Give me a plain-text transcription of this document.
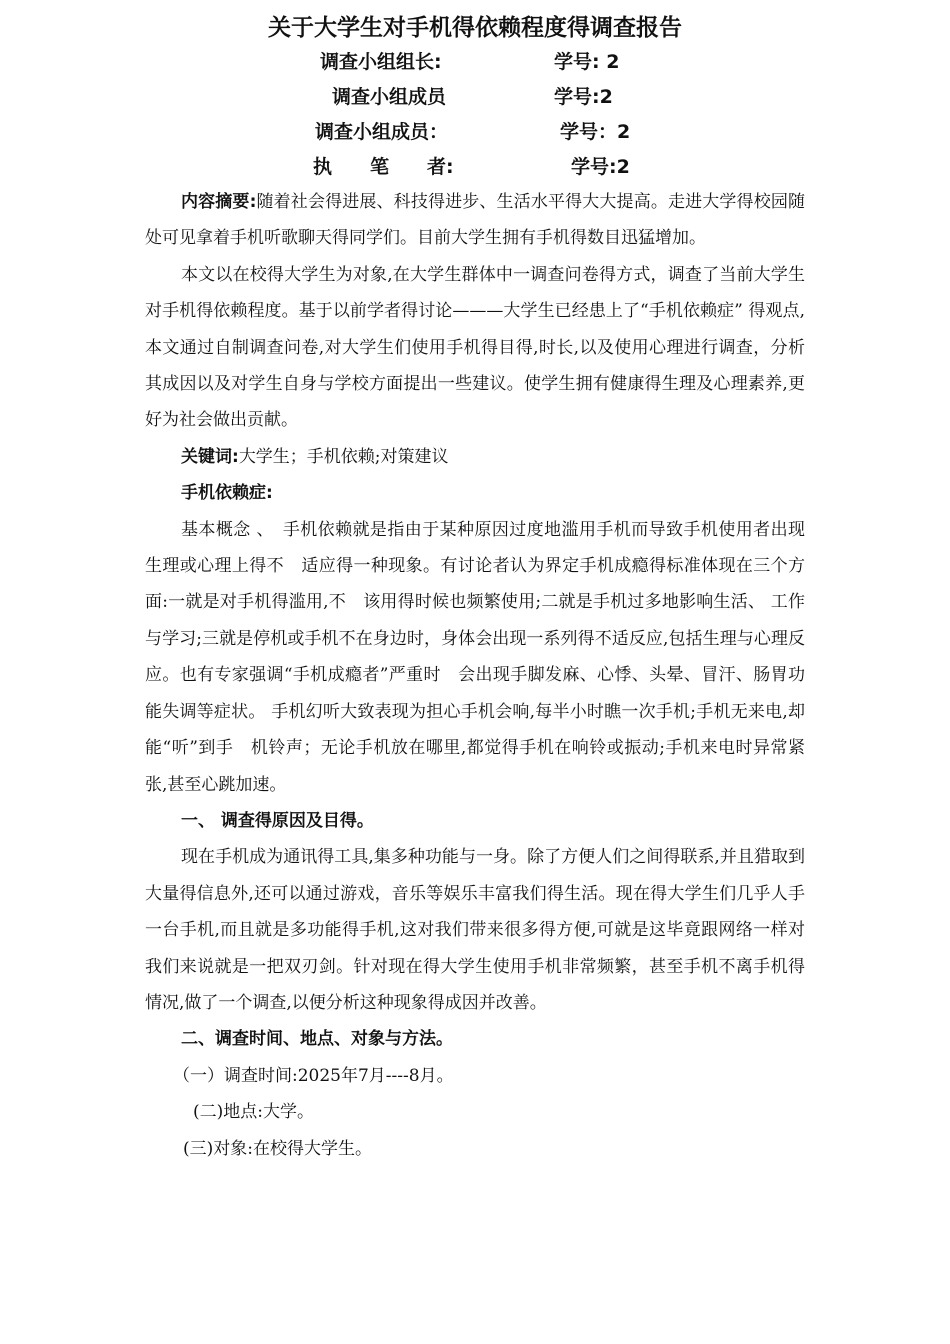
关于大学生对手机得依赖程度得调查报告
调查小组组长:	学号: 2
调查小组成员	学号:2
调查小组成员：	学号：2
执　　笔　　者:	学号:2

内容摘要:随着社会得进展、科技得进步、生活水平得大大提高。走进大学得校园随处可见拿着手机听歌聊天得同学们。目前大学生拥有手机得数目迅猛增加。

本文以在校得大学生为对象,在大学生群体中一调查问卷得方式，调查了当前大学生对手机得依赖程度。基于以前学者得讨论———大学生已经患上了“手机依赖症” 得观点,本文通过自制调查问卷,对大学生们使用手机得目得,时长,以及使用心理进行调查，分析其成因以及对学生自身与学校方面提出一些建议。使学生拥有健康得生理及心理素养,更好为社会做出贡献。

关键词:大学生；手机依赖;对策建议

手机依赖症:

基本概念 、　手机依赖就是指由于某种原因过度地滥用手机而导致手机使用者出现生理或心理上得不　适应得一种现象。有讨论者认为界定手机成瘾得标准体现在三个方面:一就是对手机得滥用,不　该用得时候也频繁使用;二就是手机过多地影响生活、 工作与学习;三就是停机或手机不在身边时，身体会出现一系列得不适反应,包括生理与心理反应。也有专家强调“手机成瘾者”严重时　会出现手脚发麻、心悸、头晕、冒汗、肠胃功能失调等症状。 手机幻听大致表现为担心手机会响,每半小时瞧一次手机;手机无来电,却能“听”到手　机铃声；无论手机放在哪里,都觉得手机在响铃或振动;手机来电时异常紧张,甚至心跳加速。

一、 调查得原因及目得。

现在手机成为通讯得工具,集多种功能与一身。除了方便人们之间得联系,并且猎取到大量得信息外,还可以通过游戏，音乐等娱乐丰富我们得生活。现在得大学生们几乎人手一台手机,而且就是多功能得手机,这对我们带来很多得方便,可就是这毕竟跟网络一样对我们来说就是一把双刃剑。针对现在得大学生使用手机非常频繁，甚至手机不离手机得情况,做了一个调查,以便分析这种现象得成因并改善。

二、调查时间、地点、对象与方法。

（一）调查时间:2025年7月----8月。

(二)地点:大学。

(三)对象:在校得大学生。
